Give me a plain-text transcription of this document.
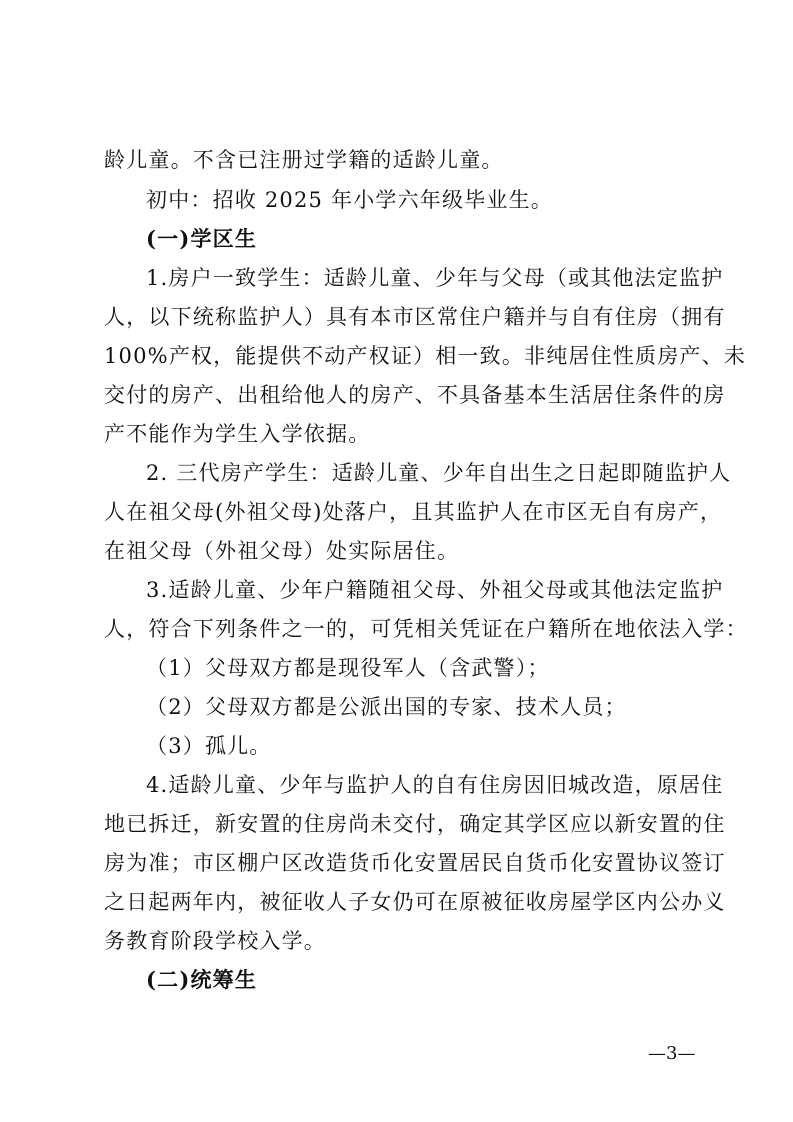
龄儿童。不含已注册过学籍的适龄儿童。
初中：招收 2025 年小学六年级毕业生。
(一)学区生
1.房户一致学生：适龄儿童、少年与父母（或其他法定监护
人，以下统称监护人）具有本市区常住户籍并与自有住房（拥有
100%产权，能提供不动产权证）相一致。非纯居住性质房产、未
交付的房产、出租给他人的房产、不具备基本生活居住条件的房
产不能作为学生入学依据。
2. 三代房产学生：适龄儿童、少年自出生之日起即随监护人
人在祖父母(外祖父母)处落户，且其监护人在市区无自有房产，
在祖父母（外祖父母）处实际居住。
3.适龄儿童、少年户籍随祖父母、外祖父母或其他法定监护
人，符合下列条件之一的，可凭相关凭证在户籍所在地依法入学：
（1）父母双方都是现役军人（含武警）；
（2）父母双方都是公派出国的专家、技术人员；
（3）孤儿。
4.适龄儿童、少年与监护人的自有住房因旧城改造，原居住
地已拆迁，新安置的住房尚未交付，确定其学区应以新安置的住
房为准；市区棚户区改造货币化安置居民自货币化安置协议签订
之日起两年内，被征收人子女仍可在原被征收房屋学区内公办义
务教育阶段学校入学。
(二)统筹生
—3—
